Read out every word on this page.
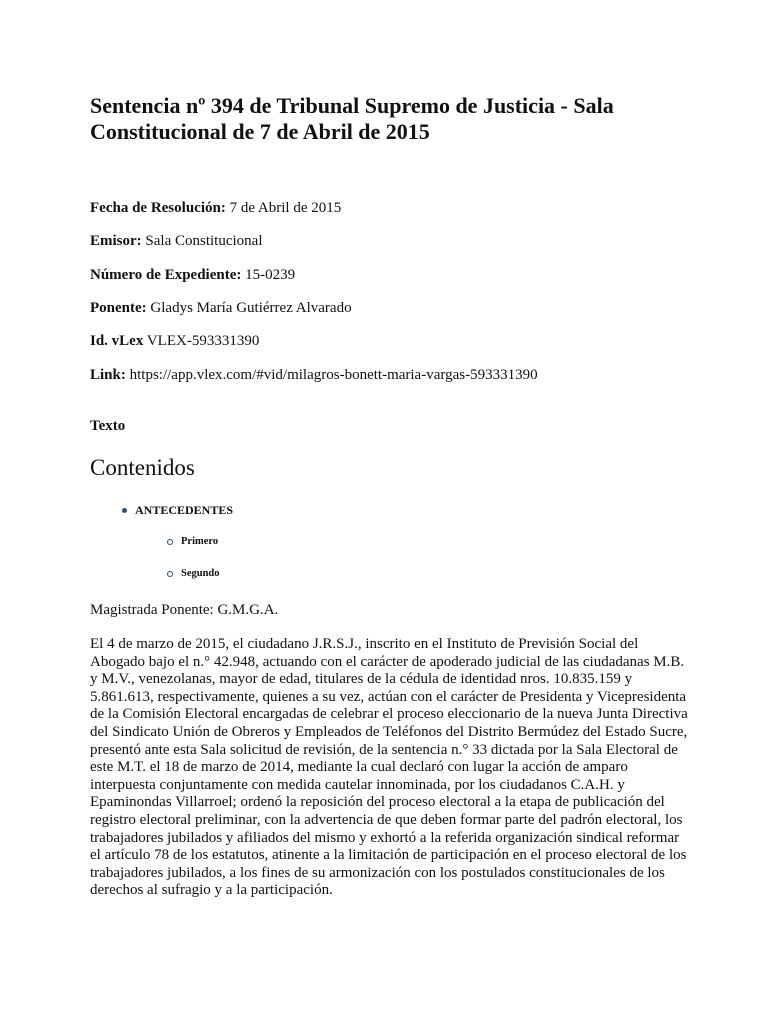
Sentencia nº 394 de Tribunal Supremo de Justicia - Sala Constitucional de 7 de Abril de 2015
Fecha de Resolución: 7 de Abril de 2015
Emisor: Sala Constitucional
Número de Expediente: 15-0239
Ponente: Gladys María Gutiérrez Alvarado
Id. vLex VLEX-593331390
Link: https://app.vlex.com/#vid/milagros-bonett-maria-vargas-593331390
Texto
Contenidos
ANTECEDENTES
Primero
Segundo

Magistrada Ponente: G.M.G.A.

El 4 de marzo de 2015, el ciudadano J.R.S.J., inscrito en el Instituto de Previsión Social del Abogado bajo el n.° 42.948, actuando con el carácter de apoderado judicial de las ciudadanas M.B. y M.V., venezolanas, mayor de edad, titulares de la cédula de identidad nros. 10.835.159 y 5.861.613, respectivamente, quienes a su vez, actúan con el carácter de Presidenta y Vicepresidenta de la Comisión Electoral encargadas de celebrar el proceso eleccionario de la nueva Junta Directiva del Sindicato Unión de Obreros y Empleados de Teléfonos del Distrito Bermúdez del Estado Sucre, presentó ante esta Sala solicitud de revisión, de la sentencia n.° 33 dictada por la Sala Electoral de este M.T. el 18 de marzo de 2014, mediante la cual declaró con lugar la acción de amparo interpuesta conjuntamente con medida cautelar innominada, por los ciudadanos C.A.H. y Epaminondas Villarroel; ordenó la reposición del proceso electoral a la etapa de publicación del registro electoral preliminar, con la advertencia de que deben formar parte del padrón electoral, los trabajadores jubilados y afiliados del mismo y exhortó a la referida organización sindical reformar el artículo 78 de los estatutos, atinente a la limitación de participación en el proceso electoral de los trabajadores jubilados, a los fines de su armonización con los postulados constitucionales de los derechos al sufragio y a la participación.
